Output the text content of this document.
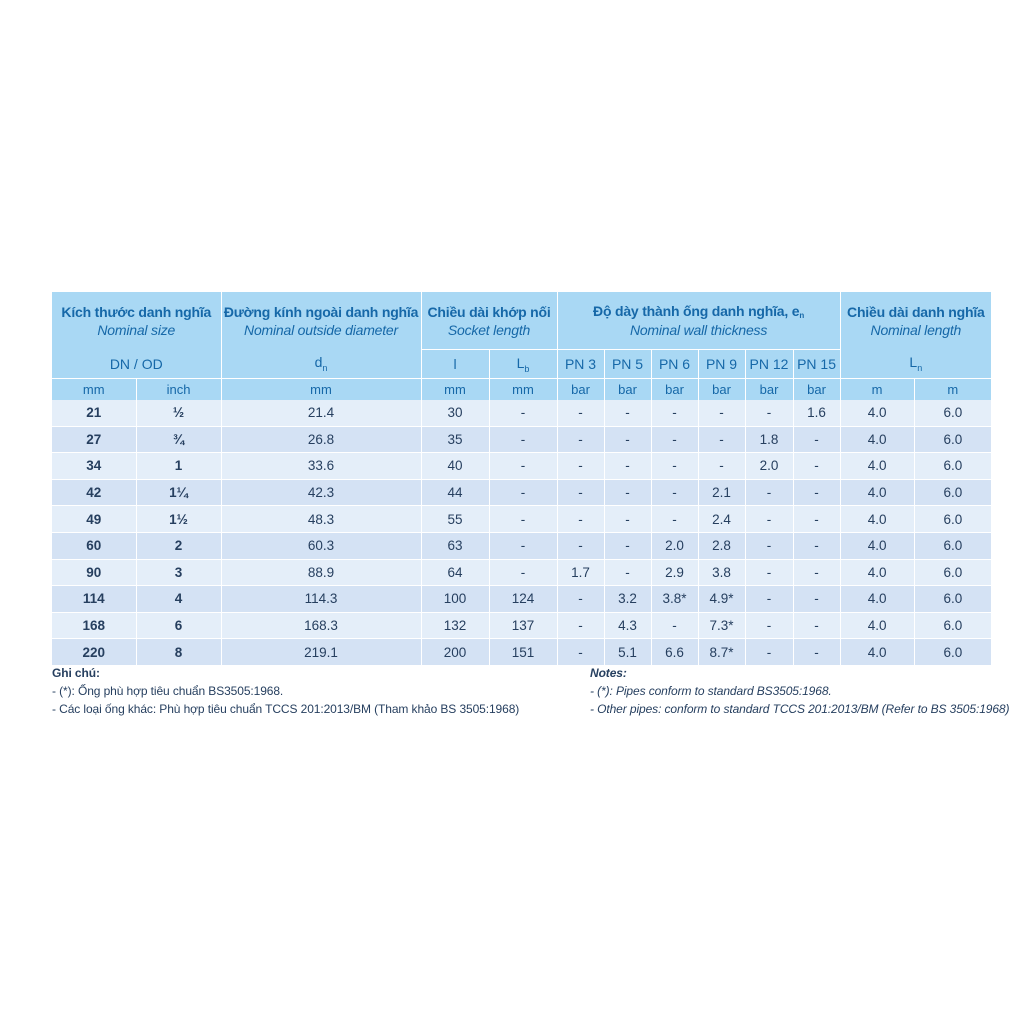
Kích thước danh nghĩa
Nominal size		Đường kính ngoài danh nghĩa
Nominal outside diameter	Chiều dài khớp nối
Socket length		Độ dày thành ống danh nghĩa, en
Nominal wall thickness						Chiều dài danh nghĩa
Nominal length	

DN / OD		$d_n$	l	$L_b$	PN 3	PN 5	PN 6	PN 9	PN 12	PN 15	$L_n$
mm	inch	mm	mm	mm	bar	bar	bar	bar	bar	bar	m	m
21	½	21.4	30	-	-	-	-	-	-	1.6	4.0	6.0
27	¾	26.8	35	-	-	-	-	-	1.8	-	4.0	6.0
34	1	33.6	40	-	-	-	-	-	2.0	-	4.0	6.0
42	1¼	42.3	44	-	-	-	-	2.1	-	-	4.0	6.0
49	1½	48.3	55	-	-	-	-	2.4	-	-	4.0	6.0
60	2	60.3	63	-	-	-	2.0	2.8	-	-	4.0	6.0
90	3	88.9	64	-	1.7	-	2.9	3.8	-	-	4.0	6.0
114	4	114.3	100	124	-	3.2	3.8*	4.9*	-	-	4.0	6.0
168	6	168.3	132	137	-	4.3	-	7.3*	-	-	4.0	6.0
220	8	219.1	200	151	-	5.1	6.6	8.7*	-	-	4.0	6.0
Ghi chú:
- (*): Ống phù hợp tiêu chuẩn BS3505:1968.
- Các loại ống khác: Phù hợp tiêu chuẩn TCCS 201:2013/BM (Tham khảo BS 3505:1968)
Notes:
- (*): Pipes conform to standard BS3505:1968.
- Other pipes: conform to standard TCCS 201:2013/BM (Refer to BS 3505:1968)
